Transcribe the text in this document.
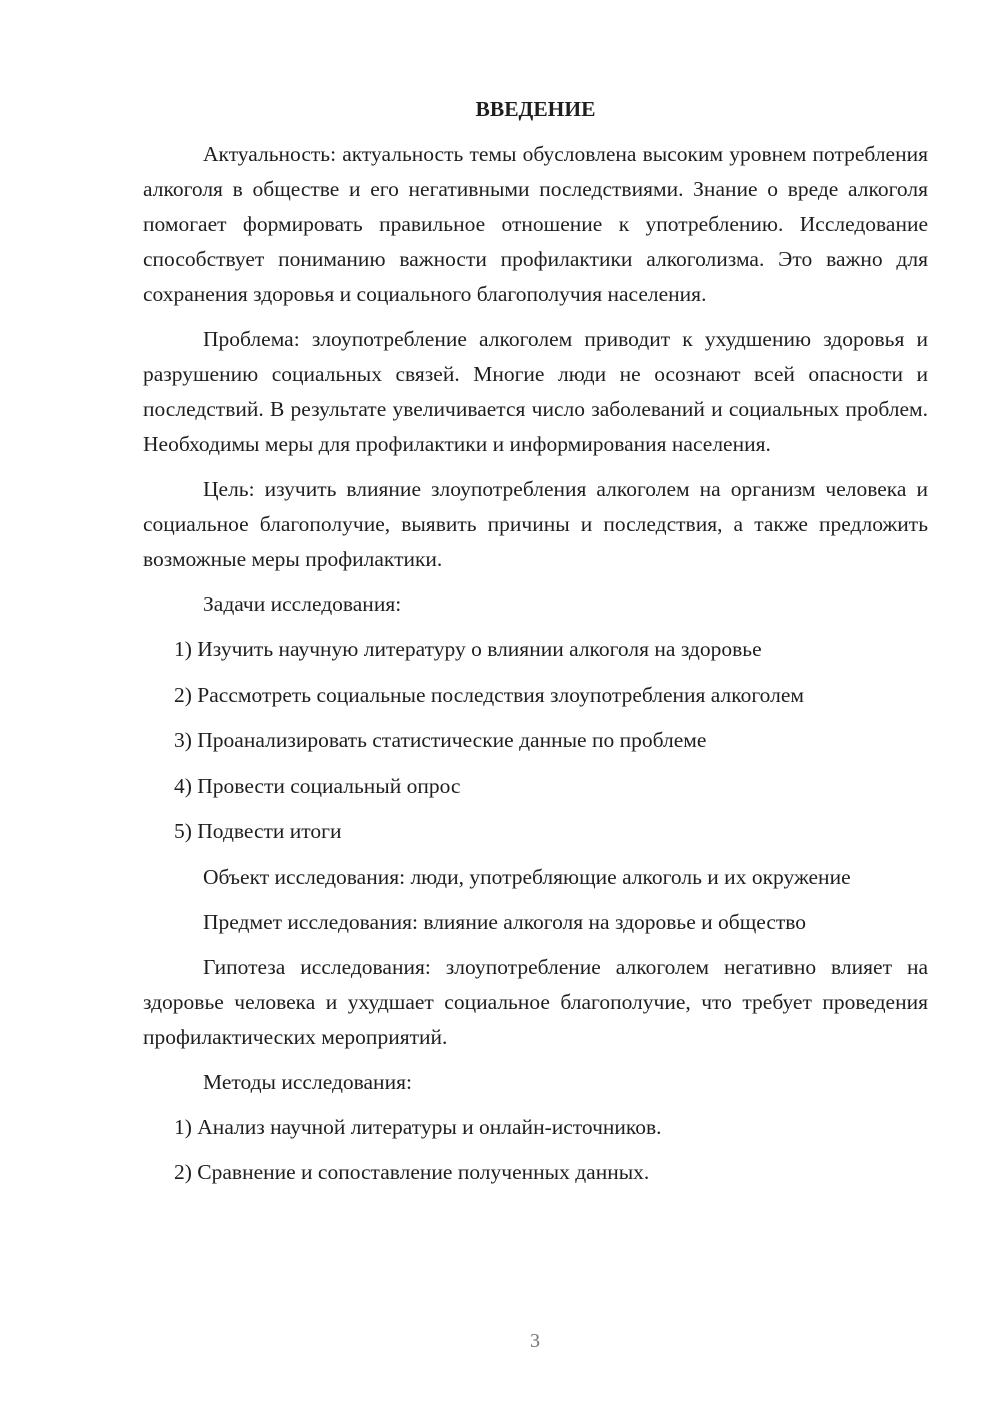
ВВЕДЕНИЕ

Актуальность: актуальность темы обусловлена высоким уровнем потребления алкоголя в обществе и его негативными последствиями. Знание о вреде алкоголя помогает формировать правильное отношение к употреблению. Исследование способствует пониманию важности профилактики алкоголизма. Это важно для сохранения здоровья и социального благополучия населения.

Проблема: злоупотребление алкоголем приводит к ухудшению здоровья и разрушению социальных связей. Многие люди не осознают всей опасности и последствий. В результате увеличивается число заболеваний и социальных проблем. Необходимы меры для профилактики и информирования населения.

Цель: изучить влияние злоупотребления алкоголем на организм человека и социальное благополучие, выявить причины и последствия, а также предложить возможные меры профилактики.

Задачи исследования:

1) Изучить научную литературу о влиянии алкоголя на здоровье
2) Рассмотреть социальные последствия злоупотребления алкоголем
3) Проанализировать статистические данные по проблеме
4) Провести социальный опрос
5) Подвести итоги

Объект исследования: люди, употребляющие алкоголь и их окружение

Предмет исследования: влияние алкоголя на здоровье и общество

Гипотеза исследования: злоупотребление алкоголем негативно влияет на здоровье человека и ухудшает социальное благополучие, что требует проведения профилактических мероприятий.

Методы исследования:

1) Анализ научной литературы и онлайн-источников.
2) Сравнение и сопоставление полученных данных.
3
